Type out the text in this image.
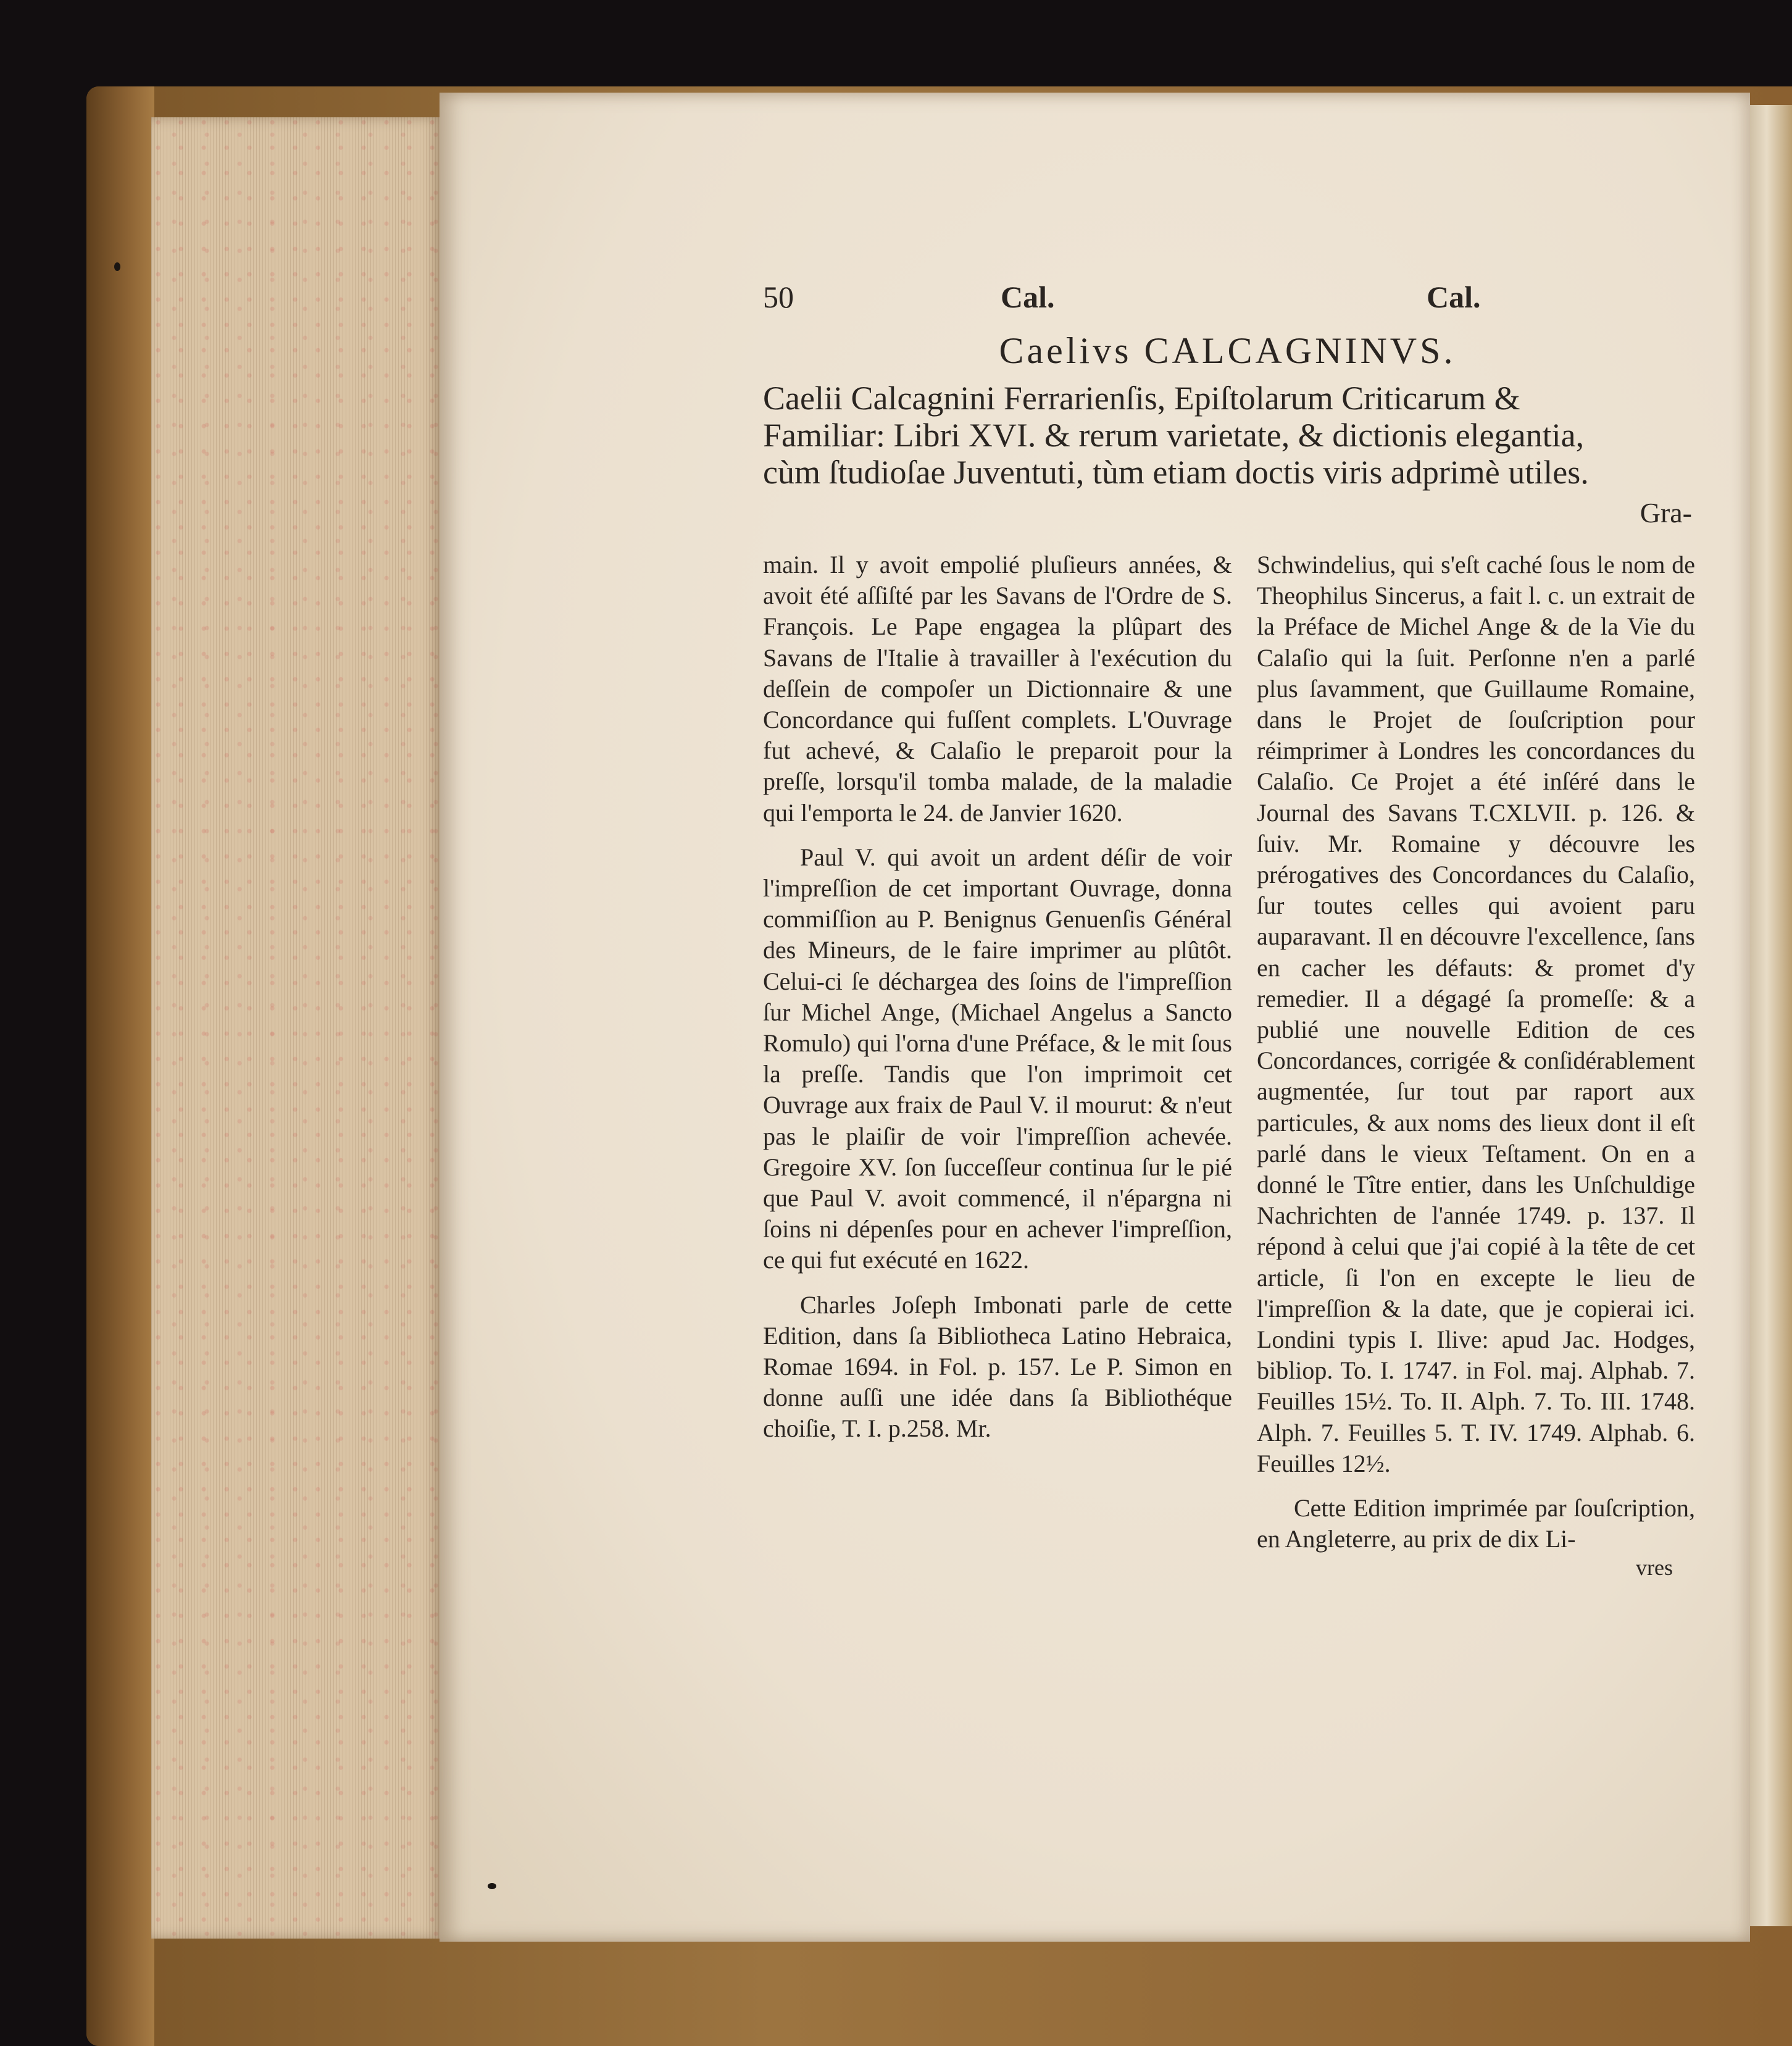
50	Cal.	Cal.
Caelivs CALCAGNINVS.

Caelii Calcagnini Ferrarienſis, Epiſtolarum Criticarum &

Familiar: Libri XVI. & rerum varietate, & dictionis elegantia,

cùm ſtudioſae Juventuti, tùm etiam doctis viris adprimè utiles.

Gra-

main. Il y avoit empolié pluſieurs années, & avoit été aſſiſté par les Savans de l'Ordre de S. François. Le Pape engagea la plûpart des Savans de l'Italie à travailler à l'exécution du deſſein de compoſer un Dictionnaire & une Concordance qui fuſſent complets. L'Ouvrage fut achevé, & Calaſio le preparoit pour la preſſe, lorsqu'il tomba malade, de la maladie qui l'emporta le 24. de Janvier 1620.

Paul V. qui avoit un ardent déſir de voir l'impreſſion de cet important Ouvrage, donna commiſſion au P. Benignus Genuenſis Général des Mineurs, de le faire imprimer au plûtôt. Celui-ci ſe déchargea des ſoins de l'impreſſion ſur Michel Ange, (Michael Angelus a Sancto Romulo) qui l'orna d'une Préface, & le mit ſous la preſſe. Tandis que l'on imprimoit cet Ouvrage aux fraix de Paul V. il mourut: & n'eut pas le plaiſir de voir l'impreſſion achevée. Gregoire XV. ſon ſucceſſeur continua ſur le pié que Paul V. avoit commencé, il n'épargna ni ſoins ni dépenſes pour en achever l'impreſſion, ce qui fut exécuté en 1622.

Charles Joſeph Imbonati parle de cette Edition, dans ſa Bibliotheca Latino Hebraica, Romae 1694. in Fol. p. 157. Le P. Simon en donne auſſi une idée dans ſa Bibliothéque choiſie, T. I. p.258. Mr.

Schwindelius, qui s'eſt caché ſous le nom de Theophilus Sincerus, a fait l. c. un extrait de la Préface de Michel Ange & de la Vie du Calaſio qui la ſuit. Perſonne n'en a parlé plus ſavamment, que Guillaume Romaine, dans le Projet de ſouſcription pour réimprimer à Londres les concordances du Calaſio. Ce Projet a été inſéré dans le Journal des Savans T.CXLVII. p. 126. & ſuiv. Mr. Romaine y découvre les prérogatives des Concordances du Calaſio, ſur toutes celles qui avoient paru auparavant. Il en découvre l'excellence, ſans en cacher les défauts: & promet d'y remedier. Il a dégagé ſa promeſſe: & a publié une nouvelle Edition de ces Concordances, corrigée & conſidérablement augmentée, ſur tout par raport aux particules, & aux noms des lieux dont il eſt parlé dans le vieux Teſtament. On en a donné le Tître entier, dans les Unſchuldige Nachrichten de l'année 1749. p. 137. Il répond à celui que j'ai copié à la tête de cet article, ſi l'on en excepte le lieu de l'impreſſion & la date, que je copierai ici. Londini typis I. Ilive: apud Jac. Hodges, bibliop. To. I. 1747. in Fol. maj. Alphab. 7. Feuilles 15½. To. II. Alph. 7. To. III. 1748. Alph. 7. Feuilles 5. T. IV. 1749. Alphab. 6. Feuilles 12½.

Cette Edition imprimée par ſouſcription, en Angleterre, au prix de dix Li-

vres
